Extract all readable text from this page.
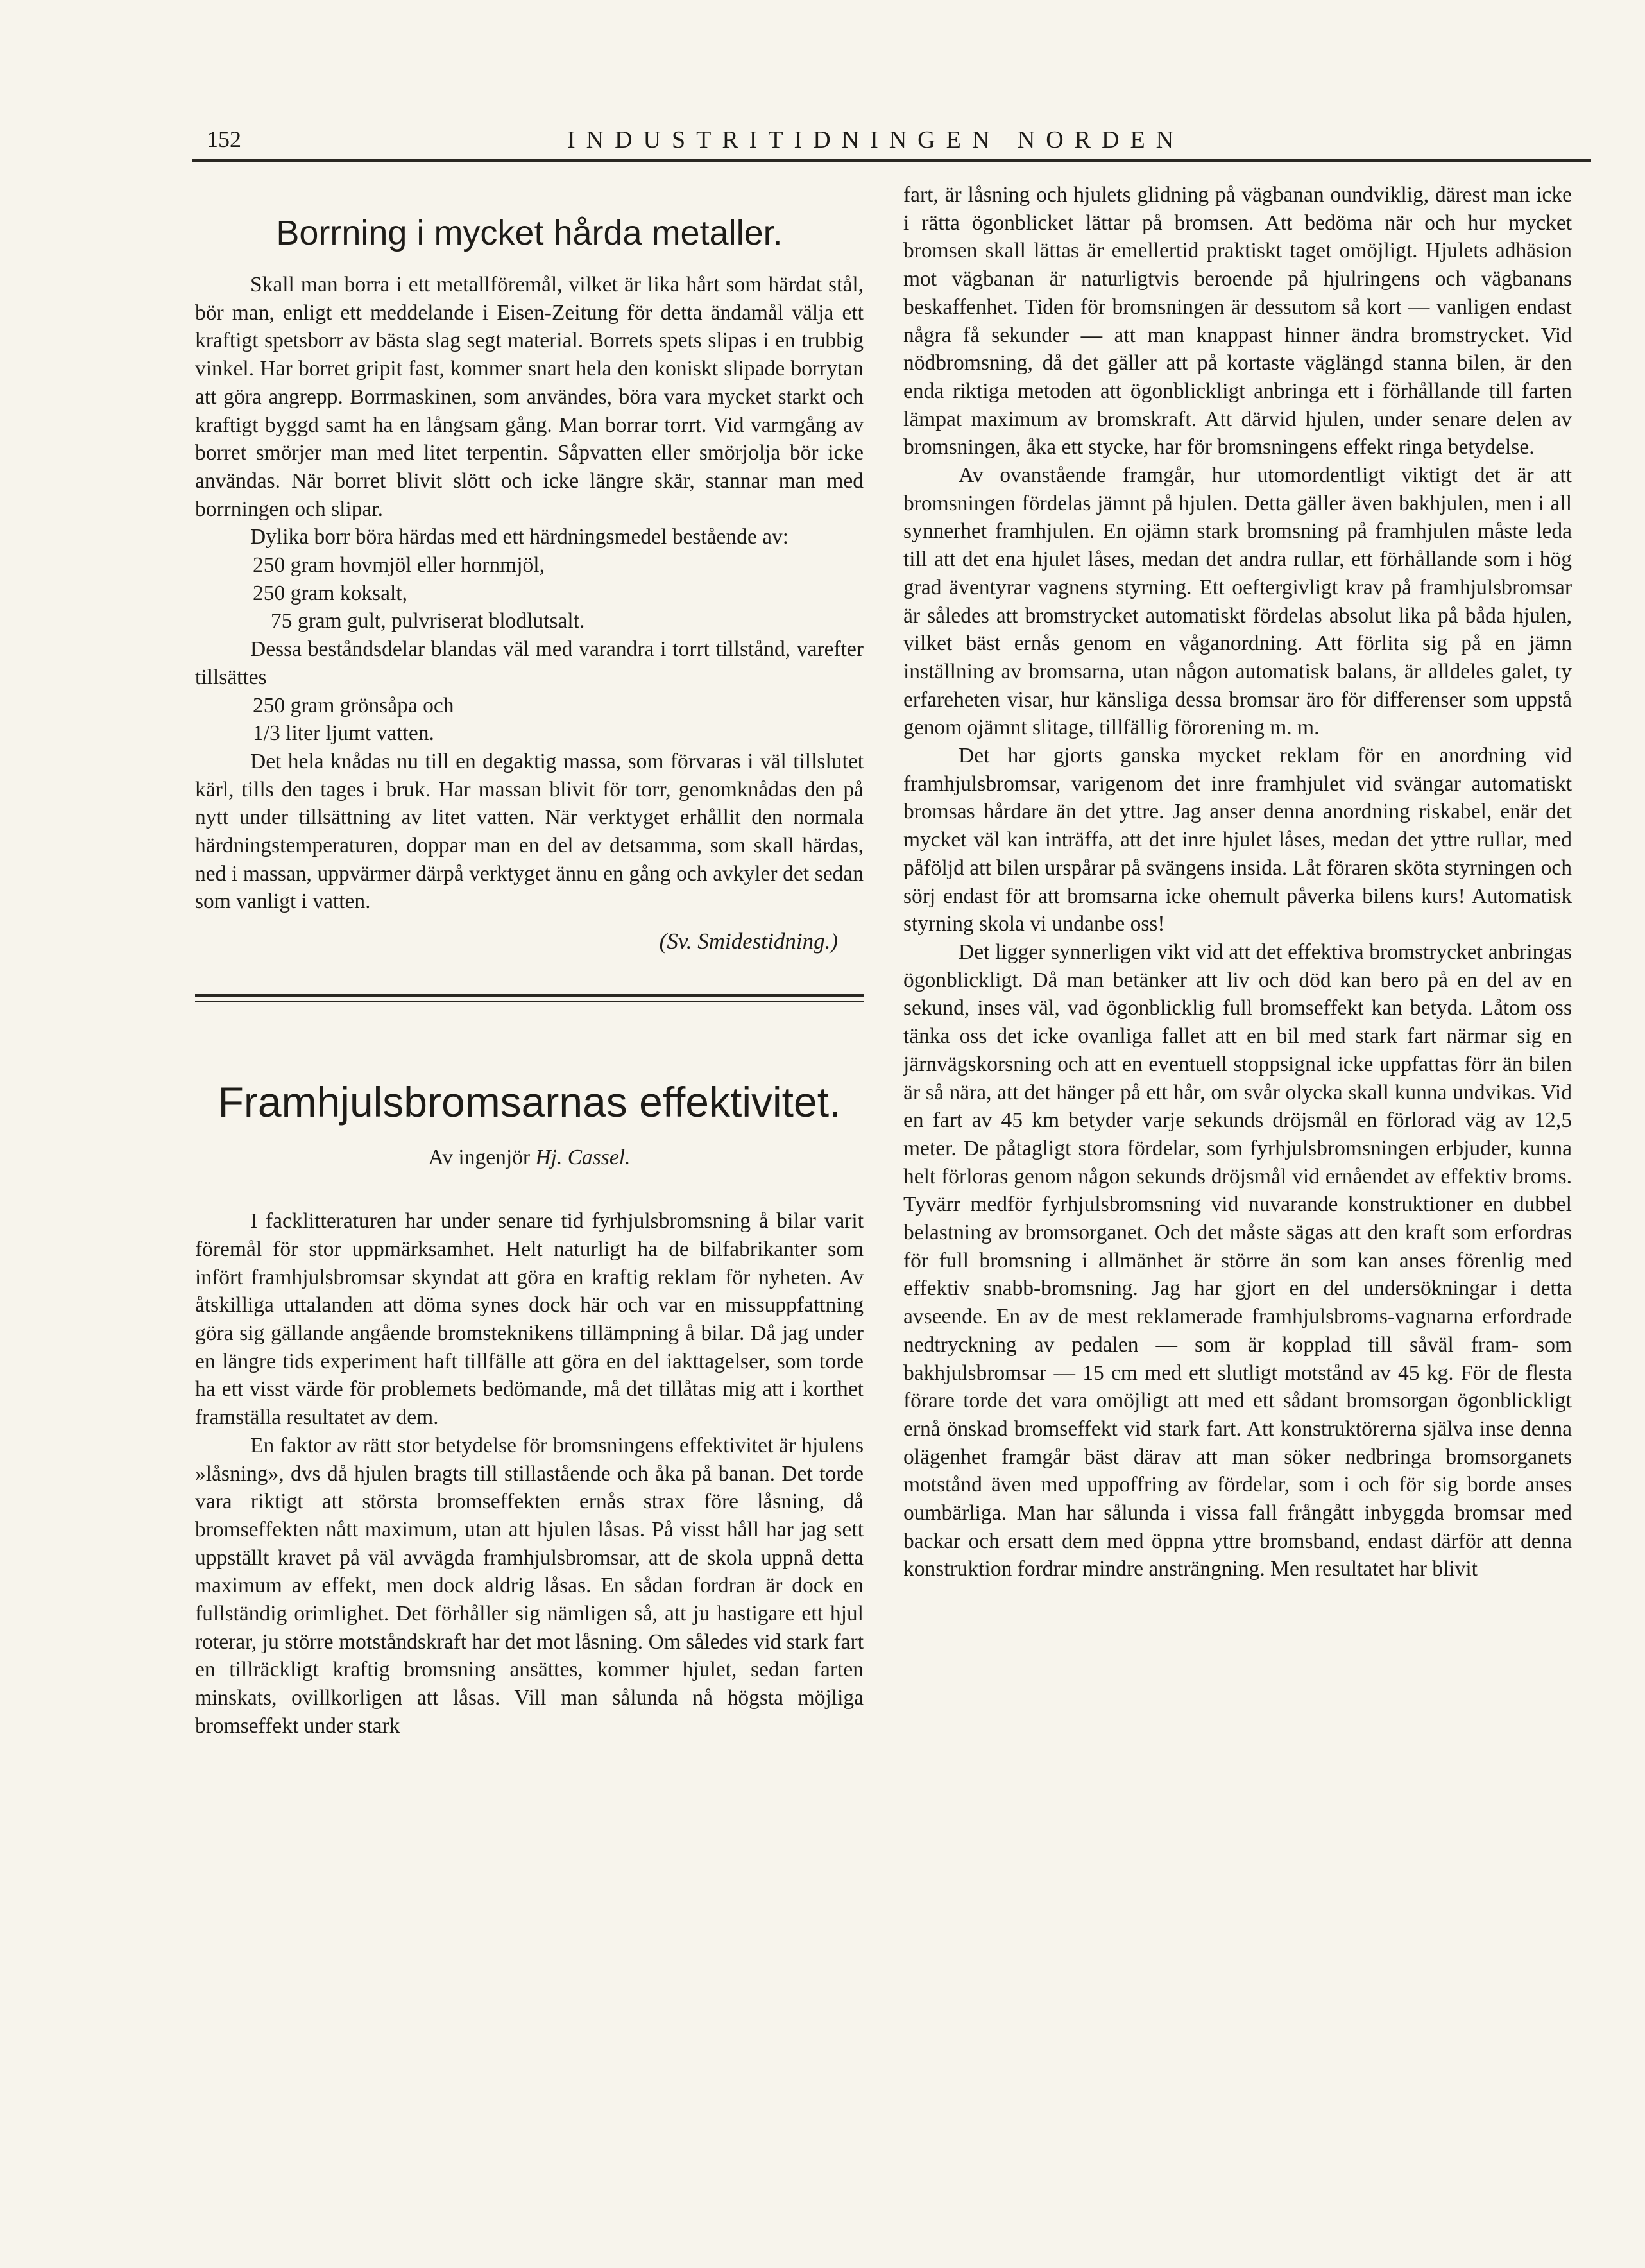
152	INDUSTRITIDNINGEN NORDEN
Borrning i mycket hårda metaller.

Skall man borra i ett metallföremål, vilket är lika hårt som härdat stål, bör man, enligt ett meddelande i Eisen-Zeitung för detta ändamål välja ett kraftigt spetsborr av bästa slag segt material. Borrets spets slipas i en trubbig vinkel. Har borret gripit fast, kommer snart hela den koniskt slipade borrytan att göra angrepp. Borrmaskinen, som användes, böra vara mycket starkt och kraftigt byggd samt ha en långsam gång. Man borrar torrt. Vid varmgång av borret smörjer man med litet terpentin. Såpvatten eller smörjolja bör icke användas. När borret blivit slött och icke längre skär, stannar man med borrningen och slipar.

Dylika borr böra härdas med ett härdningsmedel bestående av:

250 gram hovmjöl eller hornmjöl,
250 gram koksalt,
75 gram gult, pulvriserat blodlutsalt.

Dessa beståndsdelar blandas väl med varandra i torrt tillstånd, varefter tillsättes

250 gram grönsåpa och
1/3 liter ljumt vatten.

Det hela knådas nu till en degaktig massa, som förvaras i väl tillslutet kärl, tills den tages i bruk. Har massan blivit för torr, genomknådas den på nytt under tillsättning av litet vatten. När verktyget erhållit den normala härdningstemperaturen, doppar man en del av detsamma, som skall härdas, ned i massan, uppvärmer därpå verktyget ännu en gång och avkyler det sedan som vanligt i vatten.

(Sv. Smidestidning.)
Framhjulsbromsarnas effektivitet.
Av ingenjör Hj. Cassel.

I facklitteraturen har under senare tid fyrhjulsbromsning å bilar varit föremål för stor uppmärksamhet. Helt naturligt ha de bilfabrikanter som infört framhjulsbromsar skyndat att göra en kraftig reklam för nyheten. Av åtskilliga uttalanden att döma synes dock här och var en missuppfattning göra sig gällande angående bromsteknikens tillämpning å bilar. Då jag under en längre tids experiment haft tillfälle att göra en del iakttagelser, som torde ha ett visst värde för problemets bedömande, må det tillåtas mig att i korthet framställa resultatet av dem.

En faktor av rätt stor betydelse för bromsningens effektivitet är hjulens »låsning», dvs då hjulen bragts till stillastående och åka på banan. Det torde vara riktigt att största bromseffekten ernås strax före låsning, då bromseffekten nått maximum, utan att hjulen låsas. På visst håll har jag sett uppställt kravet på väl avvägda framhjulsbromsar, att de skola uppnå detta maximum av effekt, men dock aldrig låsas. En sådan fordran är dock en fullständig orimlighet. Det förhåller sig nämligen så, att ju hastigare ett hjul roterar, ju större motståndskraft har det mot låsning. Om således vid stark fart en tillräckligt kraftig bromsning ansättes, kommer hjulet, sedan farten minskats, ovillkorligen att låsas. Vill man sålunda nå högsta möjliga bromseffekt under stark

fart, är låsning och hjulets glidning på vägbanan oundviklig, därest man icke i rätta ögonblicket lättar på bromsen. Att bedöma när och hur mycket bromsen skall lättas är emellertid praktiskt taget omöjligt. Hjulets adhäsion mot vägbanan är naturligtvis beroende på hjulringens och vägbanans beskaffenhet. Tiden för bromsningen är dessutom så kort — vanligen endast några få sekunder — att man knappast hinner ändra bromstrycket. Vid nödbromsning, då det gäller att på kortaste väglängd stanna bilen, är den enda riktiga metoden att ögonblickligt anbringa ett i förhållande till farten lämpat maximum av bromskraft. Att därvid hjulen, under senare delen av bromsningen, åka ett stycke, har för bromsningens effekt ringa betydelse.

Av ovanstående framgår, hur utomordentligt viktigt det är att bromsningen fördelas jämnt på hjulen. Detta gäller även bakhjulen, men i all synnerhet framhjulen. En ojämn stark bromsning på framhjulen måste leda till att det ena hjulet låses, medan det andra rullar, ett förhållande som i hög grad äventyrar vagnens styrning. Ett oeftergivligt krav på framhjulsbromsar är således att bromstrycket automatiskt fördelas absolut lika på båda hjulen, vilket bäst ernås genom en våganordning. Att förlita sig på en jämn inställning av bromsarna, utan någon automatisk balans, är alldeles galet, ty erfareheten visar, hur känsliga dessa bromsar äro för differenser som uppstå genom ojämnt slitage, tillfällig förorening m. m.

Det har gjorts ganska mycket reklam för en anordning vid framhjulsbromsar, varigenom det inre framhjulet vid svängar automatiskt bromsas hårdare än det yttre. Jag anser denna anordning riskabel, enär det mycket väl kan inträffa, att det inre hjulet låses, medan det yttre rullar, med påföljd att bilen urspårar på svängens insida. Låt föraren sköta styrningen och sörj endast för att bromsarna icke ohemult påverka bilens kurs! Automatisk styrning skola vi undanbe oss!

Det ligger synnerligen vikt vid att det effektiva bromstrycket anbringas ögonblickligt. Då man betänker att liv och död kan bero på en del av en sekund, inses väl, vad ögonblicklig full bromseffekt kan betyda. Låtom oss tänka oss det icke ovanliga fallet att en bil med stark fart närmar sig en järnvägskorsning och att en eventuell stoppsignal icke uppfattas förr än bilen är så nära, att det hänger på ett hår, om svår olycka skall kunna undvikas. Vid en fart av 45 km betyder varje sekunds dröjsmål en förlorad väg av 12,5 meter. De påtagligt stora fördelar, som fyrhjulsbromsningen erbjuder, kunna helt förloras genom någon sekunds dröjsmål vid ernåendet av effektiv broms. Tyvärr medför fyrhjulsbromsning vid nuvarande konstruktioner en dubbel belastning av bromsorganet. Och det måste sägas att den kraft som erfordras för full bromsning i allmänhet är större än som kan anses förenlig med effektiv snabb-bromsning. Jag har gjort en del undersökningar i detta avseende. En av de mest reklamerade framhjulsbroms-vagnarna erfordrade nedtryckning av pedalen — som är kopplad till såväl fram- som bakhjulsbromsar — 15 cm med ett slutligt motstånd av 45 kg. För de flesta förare torde det vara omöjligt att med ett sådant bromsorgan ögonblickligt ernå önskad bromseffekt vid stark fart. Att konstruktörerna själva inse denna olägenhet framgår bäst därav att man söker nedbringa bromsorganets motstånd även med uppoffring av fördelar, som i och för sig borde anses oumbärliga. Man har sålunda i vissa fall frångått inbyggda bromsar med backar och ersatt dem med öppna yttre bromsband, endast därför att denna konstruktion fordrar mindre ansträngning. Men resultatet har blivit
